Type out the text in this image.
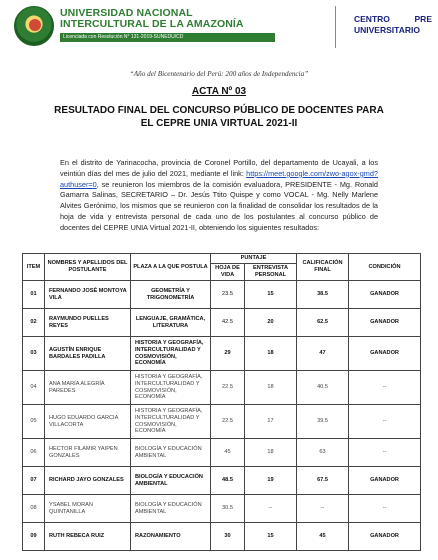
UNIVERSIDAD NACIONAL
INTERCULTURAL DE LA AMAZONÍA
Licenciada con Resolución N° 131-2019-SUNEDU/CD
CENTRO	PRE
UNIVERSITARIO
“Año del Bicentenario del Perú: 200 años de Independencia”
ACTA Nº 03
RESULTADO FINAL DEL CONCURSO PÚBLICO DE DOCENTES PARA
EL CEPRE UNIA VIRTUAL 2021-II
En el distrito de Yarinacocha, provincia de Coronel Portillo, del departamento de Ucayali, a los veintiún días del mes de julio del 2021, mediante el link: https://meet.google.com/zwo-agox-gmd?authuser=0, se reunieron los miembros de la comisión evaluadora, PRESIDENTE - Mg. Ronald Gamarra Salinas, SECRETARIO – Dr. Jesús Ttito Quispe y como VOCAL - Mg. Nelly Marlene Alvites Gerónimo, los mismos que se reunieron con la finalidad de consolidar los resultados de la hoja de vida y entrevista personal de cada uno de los postulantes al concurso público de docentes del CEPRE UNIA Virtual 2021-II, obteniendo los siguientes resultados:
ITEM	NOMBRES Y APELLIDOS DEL POSTULANTE	PLAZA A LA QUE POSTULA	PUNTAJE		CALIFICACIÓN FINAL	CONDICIÓN
			HOJA DE VIDA	ENTREVISTA PERSONAL		
01	FERNANDO JOSÉ MONTOYA VILA	GEOMETRÍA Y TRIGONOMETRÍA	23.5	15	38.5	GANADOR
02	RAYMUNDO PUELLES REYES	LENGUAJE, GRAMÁTICA, LITERATURA	42.5	20	62.5	GANADOR
03	AGUSTÍN ENRIQUE BARDALES PADILLA	HISTORIA Y GEOGRAFÍA, INTERCULTURALIDAD Y COSMOVISIÓN, ECONOMÍA	29	18	47	GANADOR
04	ANA MARÍA ALEGRÍA PAREDES	HISTORIA Y GEOGRAFÍA, INTERCULTURALIDAD Y COSMOVISIÓN, ECONOMÍA	22.5	18	40.5	--
05	HUGO EDUARDO GARCIA VILLACORTA	HISTORIA Y GEOGRAFÍA, INTERCULTURALIDAD Y COSMOVISIÓN, ECONOMÍA	22.5	17	39.5	--
06	HECTOR FILAMIR YAIPEN GONZALES	BIOLOGÍA Y EDUCACIÓN AMBIENTAL	45	18	63	--
07	RICHARD JAYO GONZALES	BIOLOGÍA Y EDUCACIÓN AMBIENTAL	48.5	19	67.5	GANADOR
08	YSABEL MORAN QUINTANILLA	BIOLOGÍA Y EDUCACIÓN AMBIENTAL	30.5	--	--	--
09	RUTH REBECA RUIZ	RAZONAMIENTO	30	15	45	GANADOR
